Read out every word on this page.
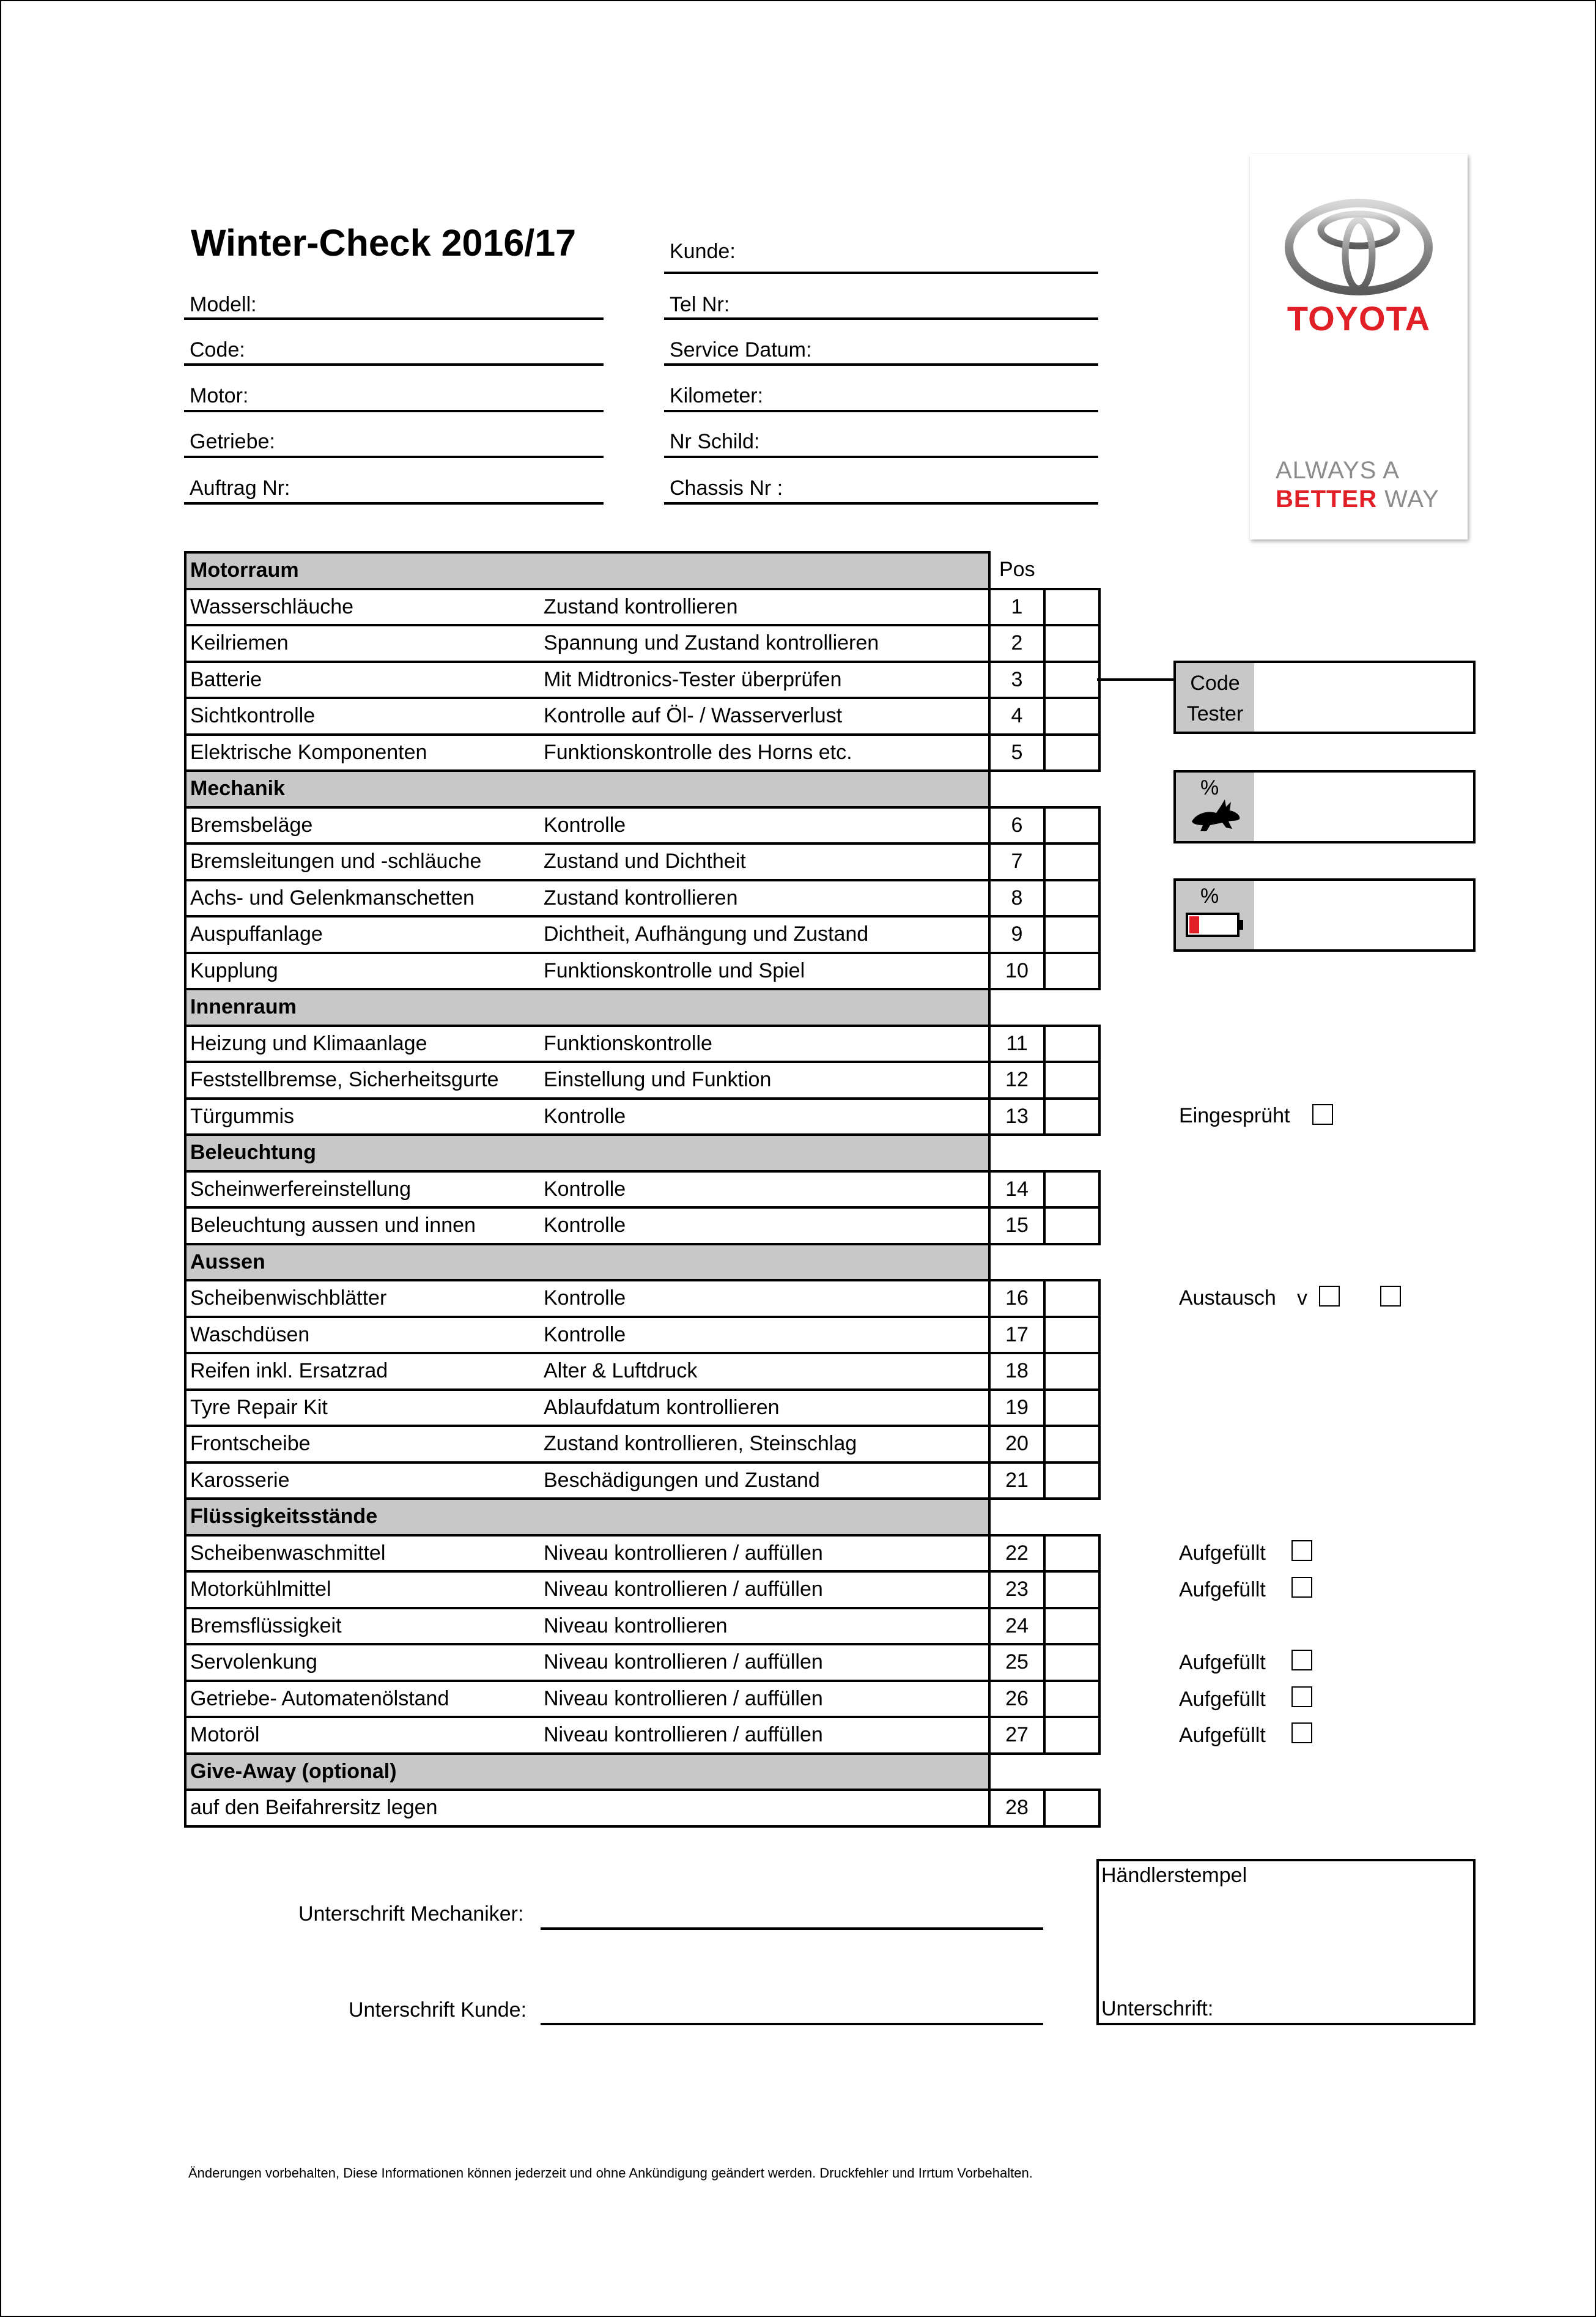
Winter-Check 2016/17
Modell:
Code:
Motor:
Getriebe:
Auftrag Nr:
Kunde:
Tel Nr:
Service Datum:
Kilometer:
Nr Schild:
Chassis Nr :
TOYOTA
ALWAYS A
BETTER WAY
Pos
Motorraum			
Wasserschläuche	Zustand kontrollieren	1	
Keilriemen	Spannung und Zustand kontrollieren	2	
Batterie	Mit Midtronics-Tester überprüfen	3	
Sichtkontrolle	Kontrolle auf Öl- / Wasserverlust	4	
Elektrische Komponenten	Funktionskontrolle des Horns etc.	5	
Mechanik			
Bremsbeläge	Kontrolle	6	
Bremsleitungen und -schläuche	Zustand und Dichtheit	7	
Achs- und Gelenkmanschetten	Zustand kontrollieren	8	
Auspuffanlage	Dichtheit, Aufhängung und Zustand	9	
Kupplung	Funktionskontrolle und Spiel	10	
Innenraum			
Heizung und Klimaanlage	Funktionskontrolle	11	
Feststellbremse, Sicherheitsgurte	Einstellung und Funktion	12	
Türgummis	Kontrolle	13	
Beleuchtung			
Scheinwerfereinstellung	Kontrolle	14	
Beleuchtung aussen und innen	Kontrolle	15	
Aussen			
Scheibenwischblätter	Kontrolle	16	
Waschdüsen	Kontrolle	17	
Reifen inkl. Ersatzrad	Alter & Luftdruck	18	
Tyre Repair Kit	Ablaufdatum kontrollieren	19	
Frontscheibe	Zustand kontrollieren, Steinschlag	20	
Karosserie	Beschädigungen und Zustand	21	
Flüssigkeitsstände			
Scheibenwaschmittel	Niveau kontrollieren / auffüllen	22	
Motorkühlmittel	Niveau kontrollieren / auffüllen	23	
Bremsflüssigkeit	Niveau kontrollieren	24	
Servolenkung	Niveau kontrollieren / auffüllen	25	
Getriebe- Automatenölstand	Niveau kontrollieren / auffüllen	26	
Motoröl	Niveau kontrollieren / auffüllen	27	
Give-Away (optional)			
auf den Beifahrersitz legen		28	
Code
Tester
%
%
Eingesprüht
Austausch v
Aufgefüllt
Aufgefüllt
Aufgefüllt
Aufgefüllt
Aufgefüllt
Unterschrift Mechaniker:
Unterschrift Kunde:
Händlerstempel
Unterschrift:
Änderungen vorbehalten, Diese Informationen können jederzeit und ohne Ankündigung geändert werden. Druckfehler und Irrtum Vorbehalten.
